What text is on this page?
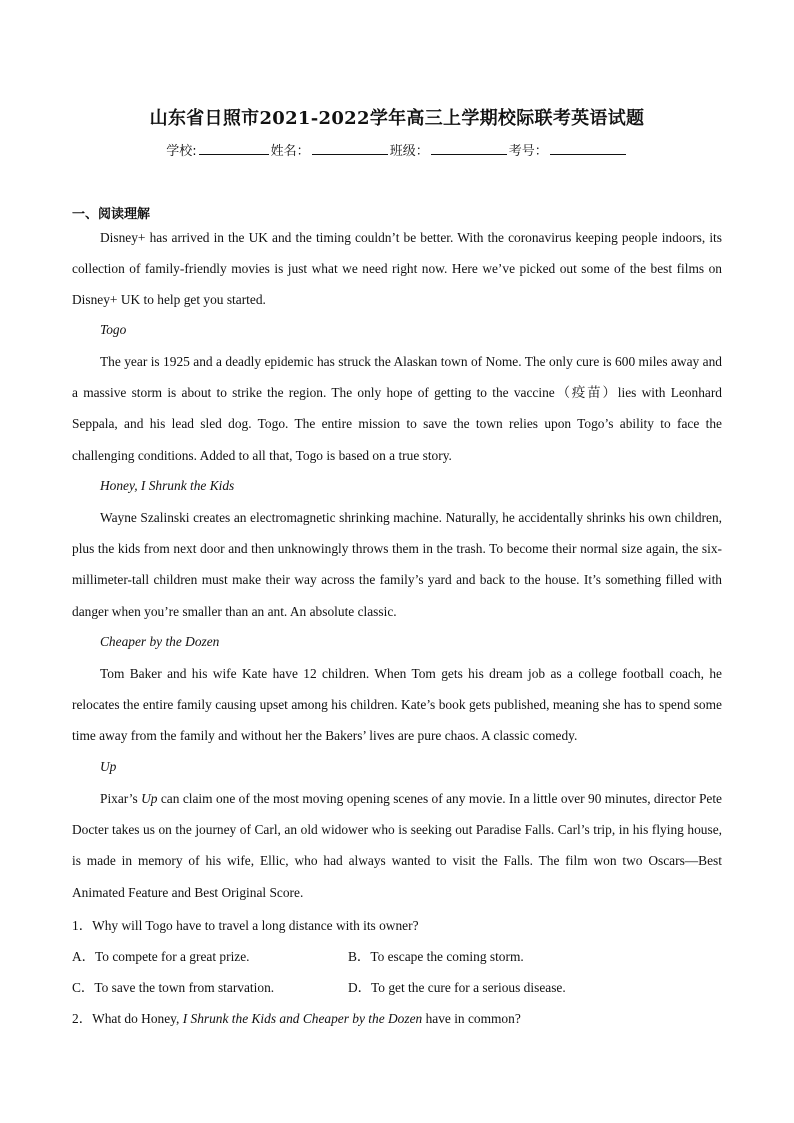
山东省日照市2021-2022学年高三上学期校际联考英语试题
学校:	姓名：	班级：	考号：
一、阅读理解
Disney+ has arrived in the UK and the timing couldn’t be better. With the coronavirus keeping people indoors, its collection of family-friendly movies is just what we need right now. Here we’ve picked out some of the best films on Disney+ UK to help get you started.
Togo
The year is 1925 and a deadly epidemic has struck the Alaskan town of Nome. The only cure is 600 miles away and a massive storm is about to strike the region. The only hope of getting to the vaccine（疫苗）lies with Leonhard Seppala, and his lead sled dog. Togo. The entire mission to save the town relies upon Togo’s ability to face the challenging conditions. Added to all that, Togo is based on a true story.
Honey, I Shrunk the Kids
Wayne Szalinski creates an electromagnetic shrinking machine. Naturally, he accidentally shrinks his own children, plus the kids from next door and then unknowingly throws them in the trash. To become their normal size again, the six-millimeter-tall children must make their way across the family’s yard and back to the house. It’s something filled with danger when you’re smaller than an ant. An absolute classic.
Cheaper by the Dozen
Tom Baker and his wife Kate have 12 children. When Tom gets his dream job as a college football coach, he relocates the entire family causing upset among his children. Kate’s book gets published, meaning she has to spend some time away from the family and without her the Bakers’ lives are pure chaos. A classic comedy.
Up
Pixar’s Up can claim one of the most moving opening scenes of any movie. In a little over 90 minutes, director Pete Docter takes us on the journey of Carl, an old widower who is seeking out Paradise Falls. Carl’s trip, in his flying house, is made in memory of his wife, Ellic, who had always wanted to visit the Falls. The film won two Oscars—Best Animated Feature and Best Original Score.
1．Why will Togo have to travel a long distance with its owner?
A．To compete for a great prize.	B．To escape the coming storm.
C．To save the town from starvation.	D．To get the cure for a serious disease.
2．What do Honey, I Shrunk the Kids and Cheaper by the Dozen have in common?
